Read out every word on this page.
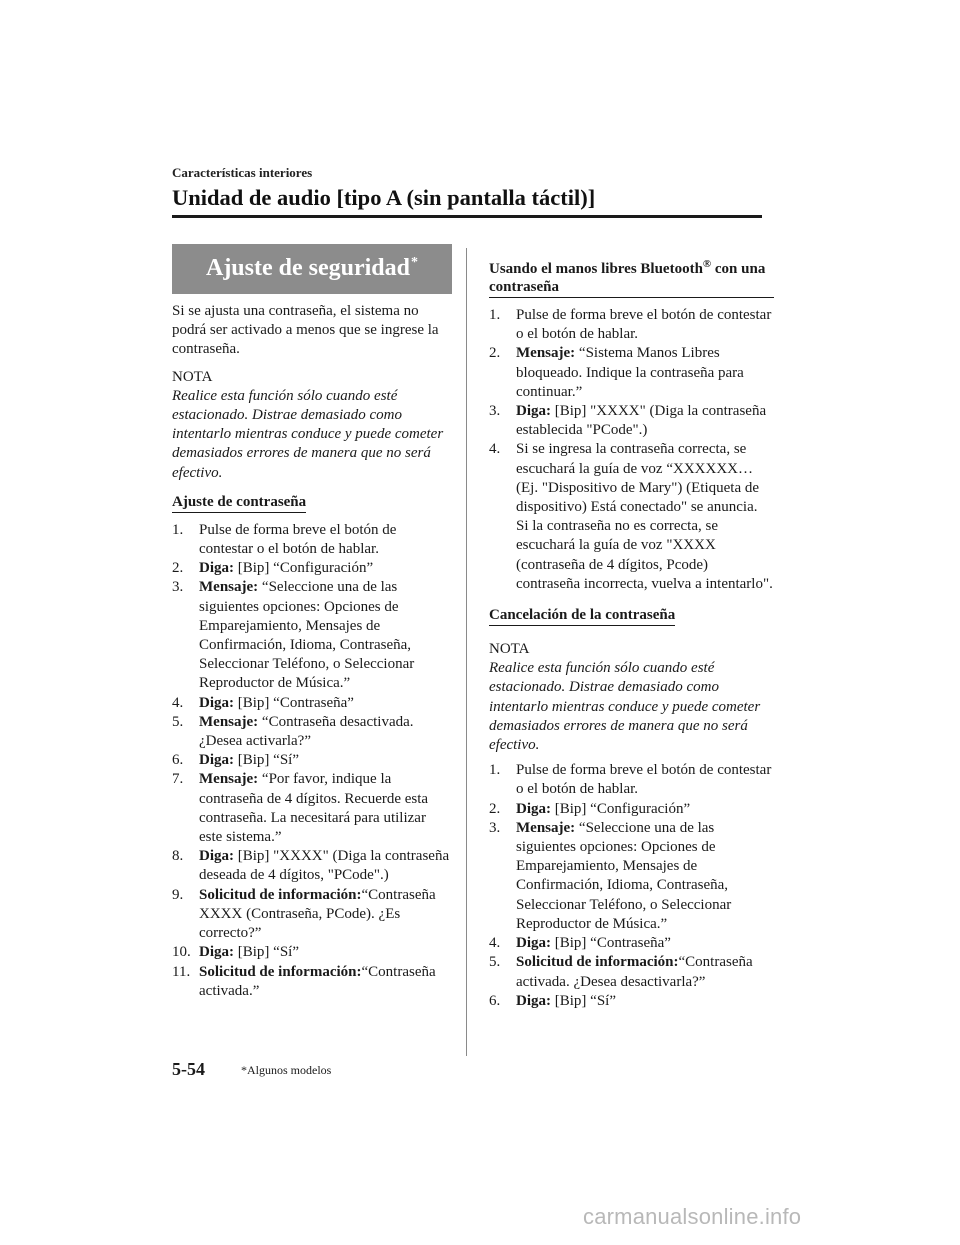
Características interiores
Unidad de audio [tipo A (sin pantalla táctil)]
Ajuste de seguridad*

Si se ajusta una contraseña, el sistema no podrá ser activado a menos que se ingrese la contraseña.

NOTA

Realice esta función sólo cuando esté estacionado. Distrae demasiado como intentarlo mientras conduce y puede cometer demasiados errores de manera que no será efectivo.

Ajuste de contraseña
1. Pulse de forma breve el botón de contestar o el botón de hablar.
2. Diga: [Bip] “Configuración”
3. Mensaje: “Seleccione una de las siguientes opciones: Opciones de Emparejamiento, Mensajes de Confirmación, Idioma, Contraseña, Seleccionar Teléfono, o Seleccionar Reproductor de Música.”
4. Diga: [Bip] “Contraseña”
5. Mensaje: “Contraseña desactivada. ¿Desea activarla?”
6. Diga: [Bip] “Sí”
7. Mensaje: “Por favor, indique la contraseña de 4 dígitos. Recuerde esta contraseña. La necesitará para utilizar este sistema.”
8. Diga: [Bip] "XXXX" (Diga la contraseña deseada de 4 dígitos, "PCode".)
9. Solicitud de información:“Contraseña XXXX (Contraseña, PCode). ¿Es correcto?”
10. Diga: [Bip] “Sí”
11. Solicitud de información:“Contraseña activada.”
Usando el manos libres Bluetooth® con una contraseña
1. Pulse de forma breve el botón de contestar o el botón de hablar.
2. Mensaje: “Sistema Manos Libres bloqueado. Indique la contraseña para continuar.”
3. Diga: [Bip] "XXXX" (Diga la contraseña establecida "PCode".)
4. Si se ingresa la contraseña correcta, se escuchará la guía de voz “XXXXXX… (Ej. "Dispositivo de Mary") (Etiqueta de dispositivo) Está conectado" se anuncia.
Si la contraseña no es correcta, se escuchará la guía de voz "XXXX (contraseña de 4 dígitos, Pcode) contraseña incorrecta, vuelva a intentarlo".
Cancelación de la contraseña

NOTA

Realice esta función sólo cuando esté estacionado. Distrae demasiado como intentarlo mientras conduce y puede cometer demasiados errores de manera que no será efectivo.

1. Pulse de forma breve el botón de contestar o el botón de hablar.
2. Diga: [Bip] “Configuración”
3. Mensaje: “Seleccione una de las siguientes opciones: Opciones de Emparejamiento, Mensajes de Confirmación, Idioma, Contraseña, Seleccionar Teléfono, o Seleccionar Reproductor de Música.”
4. Diga: [Bip] “Contraseña”
5. Solicitud de información:“Contraseña activada. ¿Desea desactivarla?”
6. Diga: [Bip] “Sí”
5-54	*Algunos modelos
carmanualsonline.info
